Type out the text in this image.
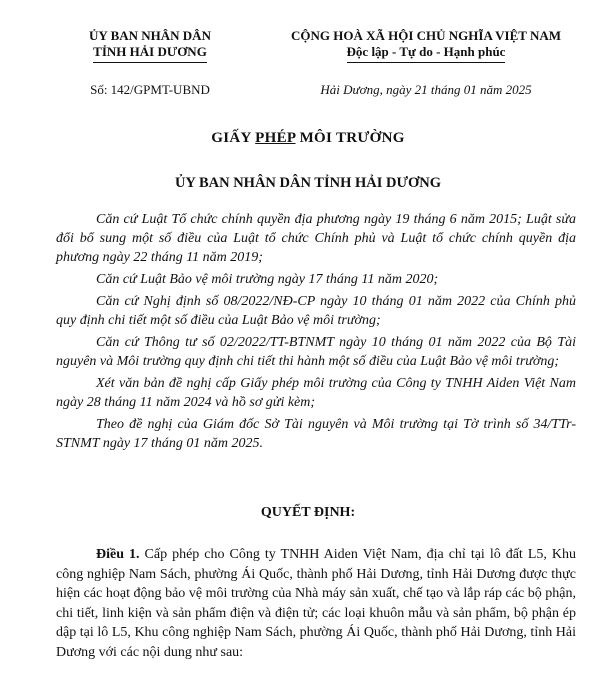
ỦY BAN NHÂN DÂN
TỈNH HẢI DƯƠNG
CỘNG HOÀ XÃ HỘI CHỦ NGHĨA VIỆT NAM
Độc lập - Tự do - Hạnh phúc
Số: 142/GPMT-UBND	Hải Dương, ngày 21 tháng 01 năm 2025
GIẤY PHÉP MÔI TRƯỜNG
ỦY BAN NHÂN DÂN TỈNH HẢI DƯƠNG

Căn cứ Luật Tổ chức chính quyền địa phương ngày 19 tháng 6 năm 2015; Luật sửa đổi bổ sung một số điều của Luật tổ chức Chính phủ và Luật tổ chức chính quyền địa phương ngày 22 tháng 11 năm 2019;

Căn cứ Luật Bảo vệ môi trường ngày 17 tháng 11 năm 2020;

Căn cứ Nghị định số 08/2022/NĐ-CP ngày 10 tháng 01 năm 2022 của Chính phủ quy định chi tiết một số điều của Luật Bảo vệ môi trường;

Căn cứ Thông tư số 02/2022/TT-BTNMT ngày 10 tháng 01 năm 2022 của Bộ Tài nguyên và Môi trường quy định chi tiết thi hành một số điều của Luật Bảo vệ môi trường;

Xét văn bản đề nghị cấp Giấy phép môi trường của Công ty TNHH Aiden Việt Nam ngày 28 tháng 11 năm 2024 và hồ sơ gửi kèm;

Theo đề nghị của Giám đốc Sở Tài nguyên và Môi trường tại Tờ trình số 34/TTr-STNMT ngày 17 tháng 01 năm 2025.

QUYẾT ĐỊNH:
Điều 1. Cấp phép cho Công ty TNHH Aiden Việt Nam, địa chỉ tại lô đất L5, Khu công nghiệp Nam Sách, phường Ái Quốc, thành phố Hải Dương, tỉnh Hải Dương được thực hiện các hoạt động bảo vệ môi trường của Nhà máy sản xuất, chế tạo và lắp ráp các bộ phận, chi tiết, linh kiện và sản phẩm điện và điện tử; các loại khuôn mẫu và sản phẩm, bộ phận ép dập tại lô L5, Khu công nghiệp Nam Sách, phường Ái Quốc, thành phố Hải Dương, tỉnh Hải Dương với các nội dung như sau:
